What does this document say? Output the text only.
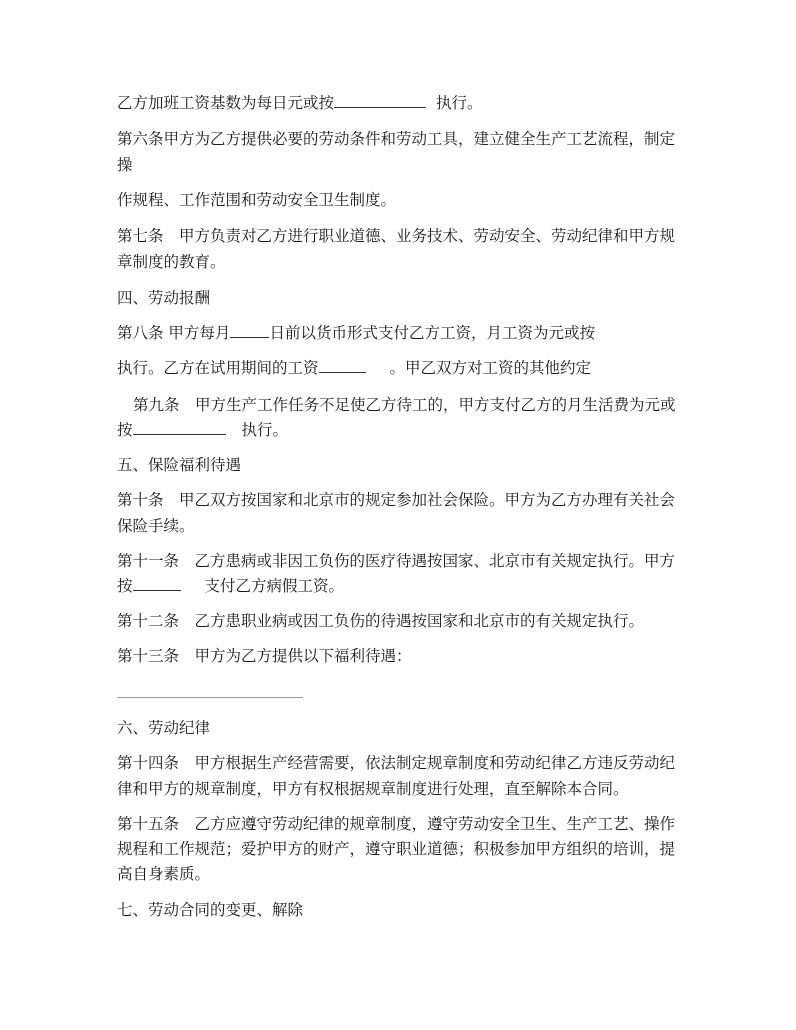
乙方加班工资基数为每日元或按	执行。

第六条甲方为乙方提供必要的劳动条件和劳动工具，建立健全生产工艺流程，制定

操

作规程、工作范围和劳动安全卫生制度。

第七条　甲方负责对乙方进行职业道德、业务技术、劳动安全、劳动纪律和甲方规

章制度的教育。

四、劳动报酬

第八条 甲方每月	日前以货币形式支付乙方工资，月工资为元或按

执行。乙方在试用期间的工资	。甲乙双方对工资的其他约定

第九条　甲方生产工作任务不足使乙方待工的，甲方支付乙方的月生活费为元或

按	执行。

五、保险福利待遇

第十条　甲乙双方按国家和北京市的规定参加社会保险。甲方为乙方办理有关社会

保险手续。

第十一条　乙方患病或非因工负伤的医疗待遇按国家、北京市有关规定执行。甲方

按	支付乙方病假工资。

第十二条　乙方患职业病或因工负伤的待遇按国家和北京市的有关规定执行。

第十三条　甲方为乙方提供以下福利待遇：

六、劳动纪律

第十四条　甲方根据生产经营需要，依法制定规章制度和劳动纪律乙方违反劳动纪

律和甲方的规章制度，甲方有权根据规章制度进行处理，直至解除本合同。

第十五条　乙方应遵守劳动纪律的规章制度，遵守劳动安全卫生、生产工艺、操作

规程和工作规范；爱护甲方的财产，遵守职业道德；积极参加甲方组织的培训，提

高自身素质。

七、劳动合同的变更、解除
